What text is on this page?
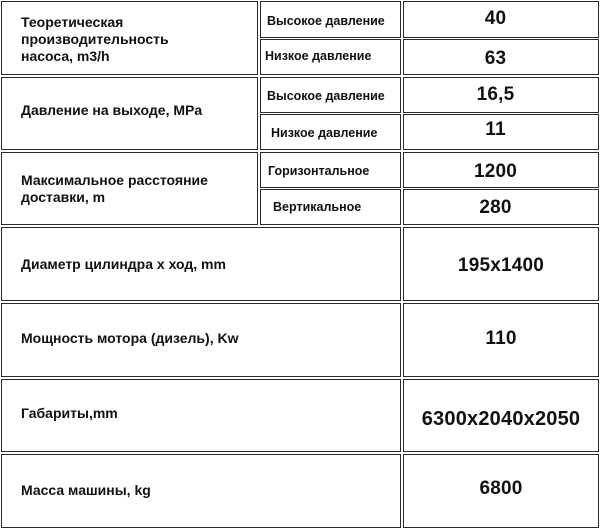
Теоретическая
производительность
насоса, m3/h
Высокое давление	40
Низкое давление	63
Давление на выходе, MPa
Высокое давление	16,5
Низкое давление	11
Максимальное расстояние
доставки, m
Горизонтальное	1200
Вертикальное	280
Диаметр цилиндра х ход, mm	195x1400
Мощность мотора (дизель), Kw	110
Габариты,mm	6300x2040x2050
Масса машины, kg	6800
